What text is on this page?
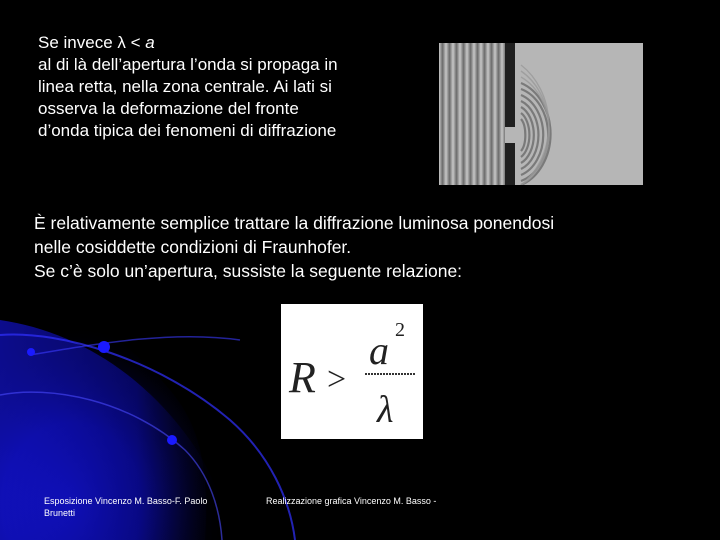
Se invece λ < a
al di là dell’apertura l’onda si propaga in
linea retta, nella zona centrale. Ai lati si
osserva la deformazione del fronte
d’onda tipica dei fenomeni di diffrazione
È relativamente semplice trattare la diffrazione luminosa ponendosi
nelle cosiddette condizioni di Fraunhofer.
Se c’è solo un’apertura, sussiste la seguente relazione:
R >
a 2
λ
Esposizione Vincenzo M. Basso-F. Paolo Brunetti
Realizzazione grafica Vincenzo M. Basso -
